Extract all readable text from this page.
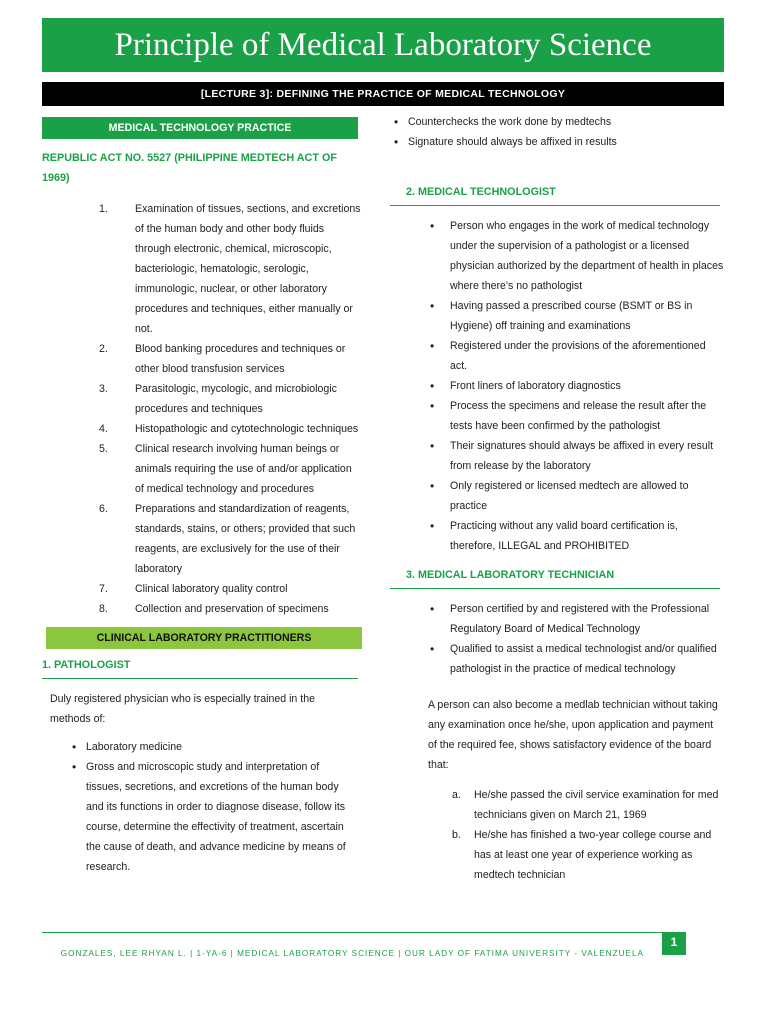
Principle of Medical Laboratory Science
[LECTURE 3]: DEFINING THE PRACTICE OF MEDICAL TECHNOLOGY
MEDICAL TECHNOLOGY PRACTICE
REPUBLIC ACT NO. 5527 (PHILIPPINE MEDTECH ACT OF 1969)
1.	Examination of tissues, sections, and excretions of the human body and other body fluids through electronic, chemical, microscopic, bacteriologic, hematologic, serologic, immunologic, nuclear, or other laboratory procedures and techniques, either manually or not.
2.	Blood banking procedures and techniques or other blood transfusion services
3.	Parasitologic, mycologic, and microbiologic procedures and techniques
4.	Histopathologic and cytotechnologic techniques
5.	Clinical research involving human beings or animals requiring the use of and/or application of medical technology and procedures
6.	Preparations and standardization of reagents, standards, stains, or others; provided that such reagents, are exclusively for the use of their laboratory
7.	Clinical laboratory quality control
8.	Collection and preservation of specimens
CLINICAL LABORATORY PRACTITIONERS
1. PATHOLOGIST
Duly registered physician who is especially trained in the methods of:
• Laboratory medicine
• Gross and microscopic study and interpretation of tissues, secretions, and excretions of the human body and its functions in order to diagnose disease, follow its course, determine the effectivity of treatment, ascertain the cause of death, and advance medicine by means of research.
• Counterchecks the work done by medtechs
• Signature should always be affixed in results
2. MEDICAL TECHNOLOGIST
• Person who engages in the work of medical technology under the supervision of a pathologist or a licensed physician authorized by the department of health in places where there's no pathologist
• Having passed a prescribed course (BSMT or BS in Hygiene) off training and examinations
• Registered under the provisions of the aforementioned act.
• Front liners of laboratory diagnostics
• Process the specimens and release the result after the tests have been confirmed by the pathologist
• Their signatures should always be affixed in every result from release by the laboratory
• Only registered or licensed medtech are allowed to practice
• Practicing without any valid board certification is, therefore, ILLEGAL and PROHIBITED
3. MEDICAL LABORATORY TECHNICIAN
• Person certified by and registered with the Professional Regulatory Board of Medical Technology
• Qualified to assist a medical technologist and/or qualified pathologist in the practice of medical technology
A person can also become a medlab technician without taking any examination once he/she, upon application and payment of the required fee, shows satisfactory evidence of the board that:
a. He/she passed the civil service examination for med technicians given on March 21, 1969
b. He/she has finished a two-year college course and has at least one year of experience working as medtech technician
1
GONZALES, LEE RHYAN L. | 1-YA-6 | MEDICAL LABORATORY SCIENCE | OUR LADY OF FATIMA UNIVERSITY - VALENZUELA
